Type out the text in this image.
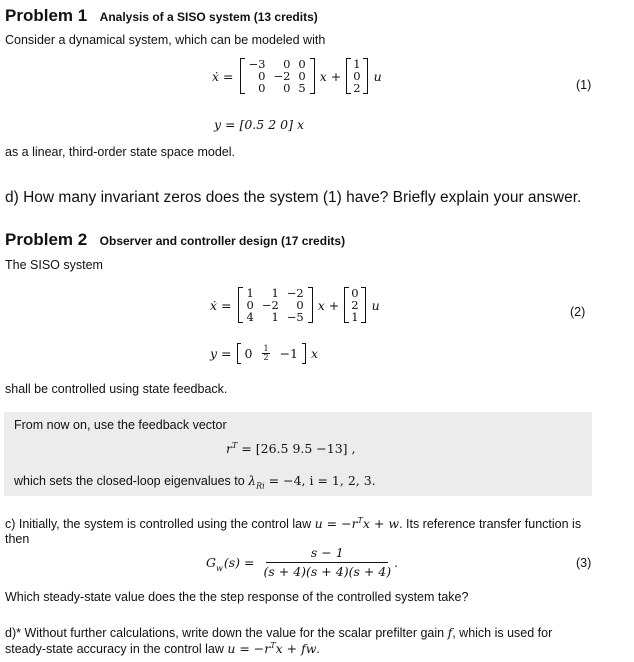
Problem 1 Analysis of a SISO system (13 credits)
Consider a dynamical system, which can be modeled with
ẋ =
−3	0	0
0	−2	0
0	0	5
x +
1
0
2
u
(1)
y = [0.5 2 0] x
as a linear, third-order state space model.
d) How many invariant zeros does the system (1) have? Briefly explain your answer.
Problem 2 Observer and controller design (17 credits)
The SISO system
ẋ =
1	1	−2
0	−2	0
4	1	−5
x +
0
2
1
u	(2)
y = 0 1
2 −1 x
shall be controlled using state feedback.
From now on, use the feedback vector
$r^T = [26.5$ 9.5 −13] ,
which sets the closed-loop eigenvalues to $\lambda_{Ri} = -4$, i = 1, 2, 3.
c) Initially, the system is controlled using the control law $u = -r^Tx + w$. Its reference transfer function is
then
$G_w$ $(s) = \frac{s - 1}{(s + 4)(s + 4)(s + 4)}$ .	(3)
Which steady-state value does the the step response of the controlled system take?
d)* Without further calculations, write down the value for the scalar prefilter gain f, which is used for
steady-state accuracy in the control law $u = -r^Tx$ + fw.
